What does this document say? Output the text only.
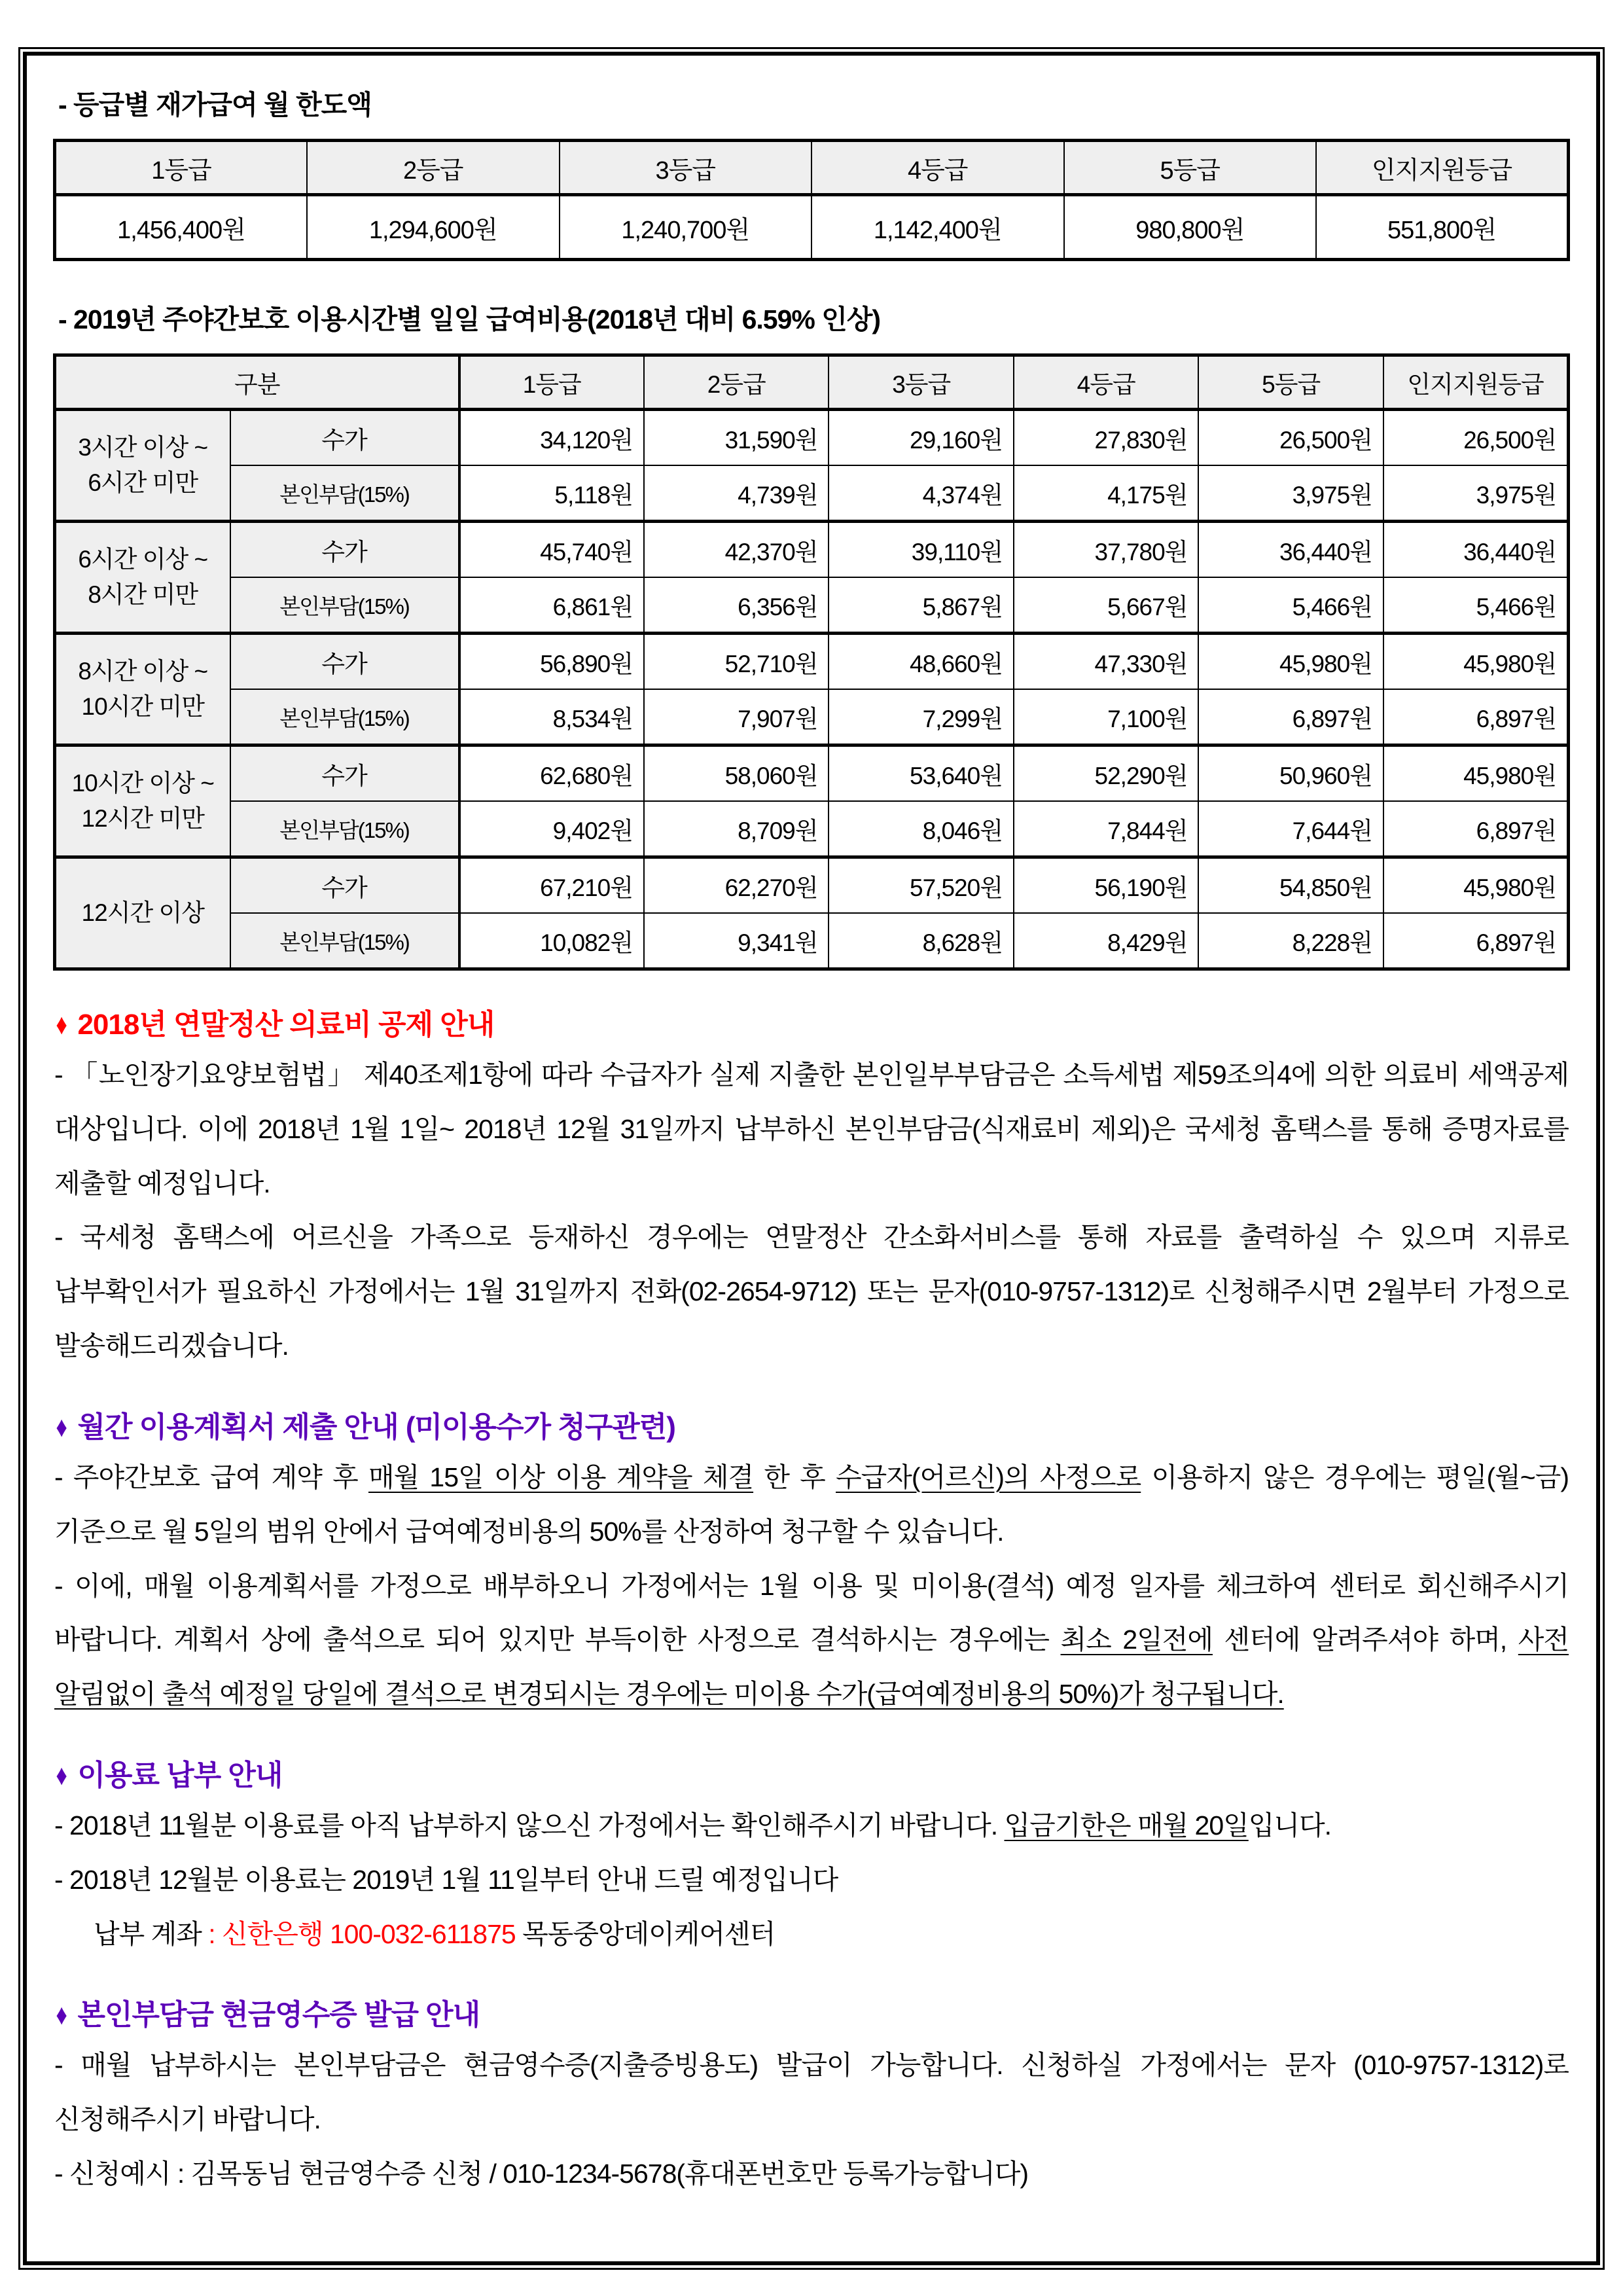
- 등급별 재가급여 월 한도액
1등급	2등급	3등급	4등급	5등급	인지지원등급
1,456,400원	1,294,600원	1,240,700원	1,142,400원	980,800원	551,800원
- 2019년 주야간보호 이용시간별 일일 급여비용(2018년 대비 6.59% 인상)
구분		1등급	2등급	3등급	4등급	5등급	인지지원등급

3시간 이상 ~
6시간 미만	수가	34,120원	31,590원	29,160원	27,830원	26,500원	26,500원
	본인부담(15%)	5,118원	4,739원	4,374원	4,175원	3,975원	3,975원

6시간 이상 ~
8시간 미만	수가	45,740원	42,370원	39,110원	37,780원	36,440원	36,440원
	본인부담(15%)	6,861원	6,356원	5,867원	5,667원	5,466원	5,466원

8시간 이상 ~
10시간 미만	수가	56,890원	52,710원	48,660원	47,330원	45,980원	45,980원
	본인부담(15%)	8,534원	7,907원	7,299원	7,100원	6,897원	6,897원

10시간 이상 ~
12시간 미만	수가	62,680원	58,060원	53,640원	52,290원	50,960원	45,980원
	본인부담(15%)	9,402원	8,709원	8,046원	7,844원	7,644원	6,897원

12시간 이상	수가	67,210원	62,270원	57,520원	56,190원	54,850원	45,980원
	본인부담(15%)	10,082원	9,341원	8,628원	8,429원	8,228원	6,897원
♦ 2018년 연말정산 의료비 공제 안내
- 「노인장기요양보험법」 제40조제1항에 따라 수급자가 실제 지출한 본인일부부담금은 소득세법 제59조의4에 의한 의료비 세액공제 대상입니다. 이에 2018년 1월 1일~ 2018년 12월 31일까지 납부하신 본인부담금(식재료비 제외)은 국세청 홈택스를 통해 증명자료를 제출할 예정입니다.
- 국세청 홈택스에 어르신을 가족으로 등재하신 경우에는 연말정산 간소화서비스를 통해 자료를 출력하실 수 있으며 지류로 납부확인서가 필요하신 가정에서는 1월 31일까지 전화(02-2654-9712) 또는 문자(010-9757-1312)로 신청해주시면 2월부터 가정으로 발송해드리겠습니다.
♦ 월간 이용계획서 제출 안내 (미이용수가 청구관련)
- 주야간보호 급여 계약 후 매월 15일 이상 이용 계약을 체결 한 후 수급자(어르신)의 사정으로 이용하지 않은 경우에는 평일(월~금) 기준으로 월 5일의 범위 안에서 급여예정비용의 50%를 산정하여 청구할 수 있습니다.
- 이에, 매월 이용계획서를 가정으로 배부하오니 가정에서는 1월 이용 및 미이용(결석) 예정 일자를 체크하여 센터로 회신해주시기 바랍니다. 계획서 상에 출석으로 되어 있지만 부득이한 사정으로 결석하시는 경우에는 최소 2일전에 센터에 알려주셔야 하며, 사전 알림없이 출석 예정일 당일에 결석으로 변경되시는 경우에는 미이용 수가(급여예정비용의 50%)가 청구됩니다.
♦ 이용료 납부 안내
- 2018년 11월분 이용료를 아직 납부하지 않으신 가정에서는 확인해주시기 바랍니다. 입금기한은 매월 20일입니다.
- 2018년 12월분 이용료는 2019년 1월 11일부터 안내 드릴 예정입니다
납부 계좌 : 신한은행 100-032-611875 목동중앙데이케어센터
♦ 본인부담금 현금영수증 발급 안내
- 매월 납부하시는 본인부담금은 현금영수증(지출증빙용도) 발급이 가능합니다. 신청하실 가정에서는 문자 (010-9757-1312)로 신청해주시기 바랍니다.
- 신청예시 : 김목동님 현금영수증 신청 / 010-1234-5678(휴대폰번호만 등록가능합니다)
